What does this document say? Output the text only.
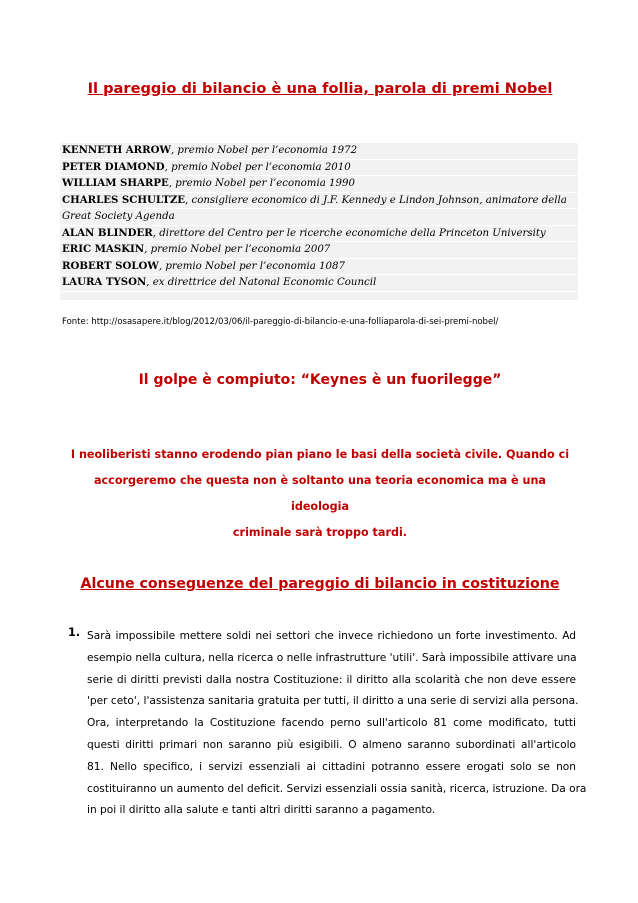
Il pareggio di bilancio è una follia, parola di premi Nobel
KENNETH ARROW, premio Nobel per l’economia 1972
PETER DIAMOND, premio Nobel per l’economia 2010
WILLIAM SHARPE, premio Nobel per l’economia 1990
CHARLES SCHULTZE, consigliere economico di J.F. Kennedy e Lindon Johnson, animatore della
Great Society Agenda
ALAN BLINDER, direttore del Centro per le ricerche economiche della Princeton University
ERIC MASKIN, premio Nobel per l’economia 2007
ROBERT SOLOW, premio Nobel per l’economia 1087
LAURA TYSON, ex direttrice del Natonal Economic Council
Fonte: http://osasapere.it/blog/2012/03/06/il-pareggio-di-bilancio-e-una-folliaparola-di-sei-premi-nobel/
Il golpe è compiuto: “Keynes è un fuorilegge”
I neoliberisti stanno erodendo pian piano le basi della società civile. Quando ci
accorgeremo che questa non è soltanto una teoria economica ma è una ideologia
criminale sarà troppo tardi.
Alcune conseguenze del pareggio di bilancio in costituzione
1. Sarà impossibile mettere soldi nei settori che invece richiedono un forte investimento. Ad
esempio nella cultura, nella ricerca o nelle infrastrutture 'utili'. Sarà impossibile attivare una
serie di diritti previsti dalla nostra Costituzione: il diritto alla scolarità che non deve essere
'per ceto', l'assistenza sanitaria gratuita per tutti, il diritto a una serie di servizi alla persona.
Ora, interpretando la Costituzione facendo perno sull'articolo 81 come modificato, tutti
questi diritti primari non saranno più esigibili. O almeno saranno subordinati all'articolo
81. Nello specifico, i servizi essenziali ai cittadini potranno essere erogati solo se non
costituiranno un aumento del deficit. Servizi essenziali ossia sanità, ricerca, istruzione. Da ora
in poi il diritto alla salute e tanti altri diritti saranno a pagamento.
